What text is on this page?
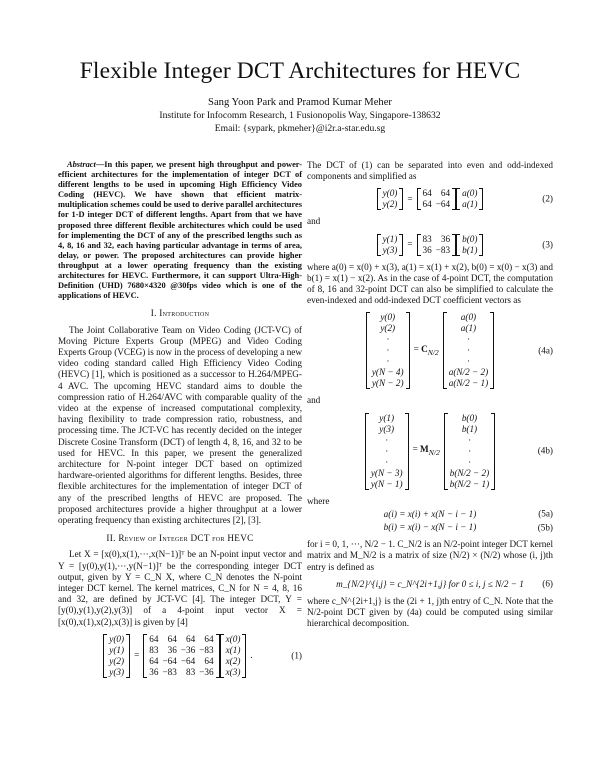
Flexible Integer DCT Architectures for HEVC
Sang Yoon Park and Pramod Kumar Meher
Institute for Infocomm Research, 1 Fusionopolis Way, Singapore-138632
Email: {sypark, pkmeher}@i2r.a-star.edu.sg

Abstract—In this paper, we present high throughput and power-efficient architectures for the implementation of integer DCT of different lengths to be used in upcoming High Efficiency Video Coding (HEVC). We have shown that efficient matrix-multiplication schemes could be used to derive parallel architectures for 1-D integer DCT of different lengths. Apart from that we have proposed three different flexible architectures which could be used for implementing the DCT of any of the prescribed lengths such as 4, 8, 16 and 32, each having particular advantage in terms of area, delay, or power. The proposed architectures can provide higher throughput at a lower operating frequency than the existing architectures for HEVC. Furthermore, it can support Ultra-High-Definition (UHD) 7680×4320 @30fps video which is one of the applications of HEVC.

I. Introduction

The Joint Collaborative Team on Video Coding (JCT-VC) of Moving Picture Experts Group (MPEG) and Video Coding Experts Group (VCEG) is now in the process of developing a new video coding standard called High Efficiency Video Coding (HEVC) [1], which is positioned as a successor to H.264/MPEG-4 AVC. The upcoming HEVC standard aims to double the compression ratio of H.264/AVC with comparable quality of the video at the expense of increased computational complexity, having flexibility to trade compression ratio, robustness, and processing time. The JCT-VC has recently decided on the integer Discrete Cosine Transform (DCT) of length 4, 8, 16, and 32 to be used for HEVC. In this paper, we present the generalized architecture for N-point integer DCT based on optimized hardware-oriented algorithms for different lengths. Besides, three flexible architectures for the implementation of integer DCT of any of the prescribed lengths of HEVC are proposed. The proposed architectures provide a higher throughput at a lower operating frequency than existing architectures [2], [3].

II. Review of Integer DCT for HEVC

Let X = [x(0),x(1),···,x(N−1)]ᵀ be an N-point input vector and Y = [y(0),y(1),···,y(N−1)]ᵀ be the corresponding integer DCT output, given by Y = C_N X, where C_N denotes the N-point integer DCT kernel. The kernel matrices, C_N for N = 4, 8, 16 and 32, are defined by JCT-VC [4]. The integer DCT, Y = [y(0),y(1),y(2),y(3)] of a 4-point input vector X = [x(0),x(1),x(2),x(3)] is given by [4]

y(0)
y(1)
y(2)
y(3)
=
64	64	64	64
83	36	−36	−83
64	−64	−64	64
36	−83	83	−36
x(0)
x(1)
x(2)
x(3)
.	(1)

The DCT of (1) can be separated into even and odd-indexed components and simplified as

y(0)
y(2)
=
64	64
64	−64
a(0)
a(1)
(2)

and

y(1)
y(3)
=
83	36
36	−83
b(0)
b(1)
(3)

where a(0) = x(0) + x(3), a(1) = x(1) + x(2), b(0) = x(0) − x(3) and b(1) = x(1) − x(2). As in the case of 4-point DCT, the computation of 8, 16 and 32-point DCT can also be simplified to calculate the even-indexed and odd-indexed DCT coefficient vectors as

y(0)
y(2)
·
·
·
y(N − 4)
y(N − 2)
= $C_{N/2}$
a(0)
a(1)
·
·
·
a(N/2 − 2)
a(N/2 − 1)
(4a)

and

y(1)
y(3)
·
·
·
y(N − 3)
y(N − 1)
= $M_{N/2}$
b(0)
b(1)
·
·
·
b(N/2 − 2)
b(N/2 − 1)
(4b)

where

a(i) = x(i) + x(N − i − 1)	(5a)
b(i) = x(i) − x(N − i − 1)	(5b)

for i = 0, 1, ···, N/2 − 1. C_N/2 is an N/2-point integer DCT kernel matrix and M_N/2 is a matrix of size (N/2) × (N/2) whose (i, j)th entry is defined as

m_{N/2}^{i,j} = c_N^{2i+1,j} for 0 ≤ i, j ≤ N/2 − 1 (6)

where c_N^{2i+1,j} is the (2i + 1, j)th entry of C_N. Note that the N/2-point DCT given by (4a) could be computed using similar hierarchical decomposition.
